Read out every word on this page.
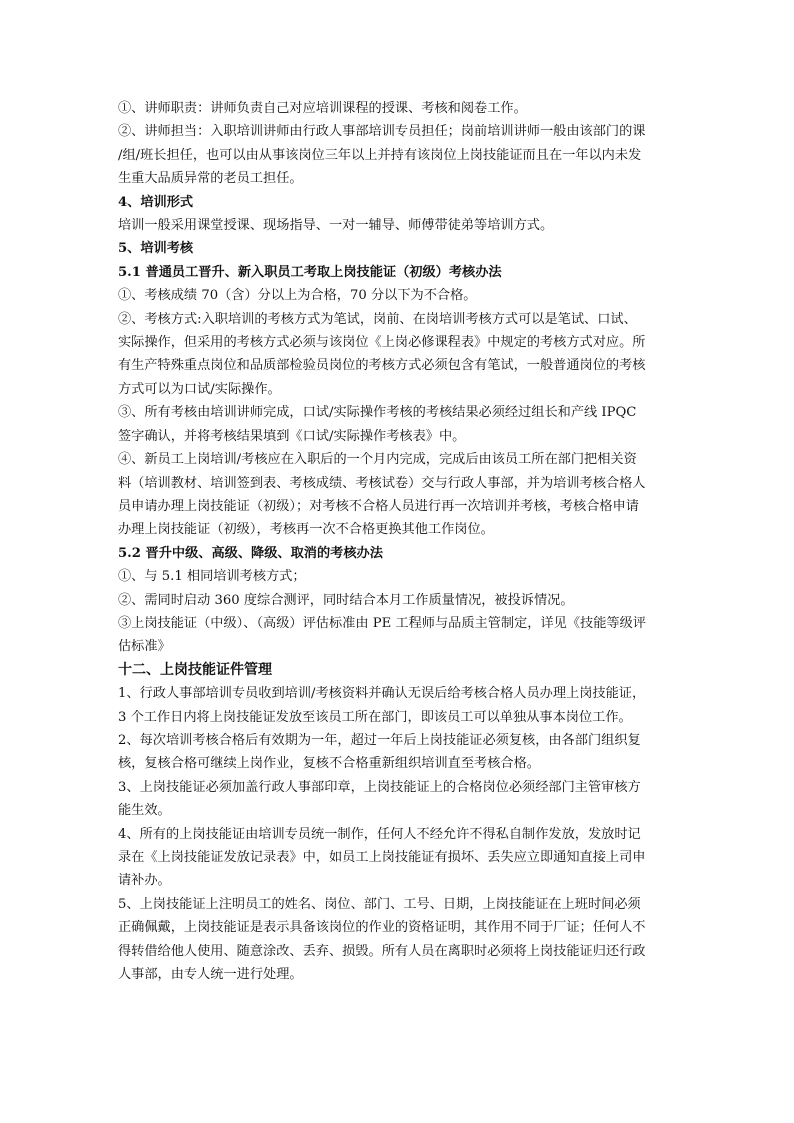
①、讲师职责：讲师负责自己对应培训课程的授课、考核和阅卷工作。
②、讲师担当：入职培训讲师由行政人事部培训专员担任；岗前培训讲师一般由该部门的课
/组/班长担任，也可以由从事该岗位三年以上并持有该岗位上岗技能证而且在一年以内未发
生重大品质异常的老员工担任。
4、培训形式
培训一般采用课堂授课、现场指导、一对一辅导、师傅带徒弟等培训方式。
5、培训考核
5.1 普通员工晋升、新入职员工考取上岗技能证（初级）考核办法
①、考核成绩 70（含）分以上为合格，70 分以下为不合格。
②、考核方式:入职培训的考核方式为笔试，岗前、在岗培训考核方式可以是笔试、口试、
实际操作，但采用的考核方式必须与该岗位《上岗必修课程表》中规定的考核方式对应。所
有生产特殊重点岗位和品质部检验员岗位的考核方式必须包含有笔试，一般普通岗位的考核
方式可以为口试/实际操作。
③、所有考核由培训讲师完成，口试/实际操作考核的考核结果必须经过组长和产线 IPQC
签字确认，并将考核结果填到《口试/实际操作考核表》中。
④、新员工上岗培训/考核应在入职后的一个月内完成，完成后由该员工所在部门把相关资
料（培训教材、培训签到表、考核成绩、考核试卷）交与行政人事部，并为培训考核合格人
员申请办理上岗技能证（初级）；对考核不合格人员进行再一次培训并考核，考核合格申请
办理上岗技能证（初级），考核再一次不合格更换其他工作岗位。
5.2 晋升中级、高级、降级、取消的考核办法
①、与 5.1 相同培训考核方式；
②、需同时启动 360 度综合测评，同时结合本月工作质量情况，被投诉情况。
③上岗技能证（中级）、（高级）评估标准由 PE 工程师与品质主管制定，详见《技能等级评
估标准》
十二、上岗技能证件管理
1、行政人事部培训专员收到培训/考核资料并确认无误后给考核合格人员办理上岗技能证，
3 个工作日内将上岗技能证发放至该员工所在部门，即该员工可以单独从事本岗位工作。
2、每次培训考核合格后有效期为一年，超过一年后上岗技能证必须复核，由各部门组织复
核，复核合格可继续上岗作业，复核不合格重新组织培训直至考核合格。
3、上岗技能证必须加盖行政人事部印章，上岗技能证上的合格岗位必须经部门主管审核方
能生效。
4、所有的上岗技能证由培训专员统一制作，任何人不经允许不得私自制作发放，发放时记
录在《上岗技能证发放记录表》中，如员工上岗技能证有损坏、丢失应立即通知直接上司申
请补办。
5、上岗技能证上注明员工的姓名、岗位、部门、工号、日期，上岗技能证在上班时间必须
正确佩戴，上岗技能证是表示具备该岗位的作业的资格证明，其作用不同于厂证；任何人不
得转借给他人使用、随意涂改、丢弃、损毁。所有人员在离职时必须将上岗技能证归还行政
人事部，由专人统一进行处理。
